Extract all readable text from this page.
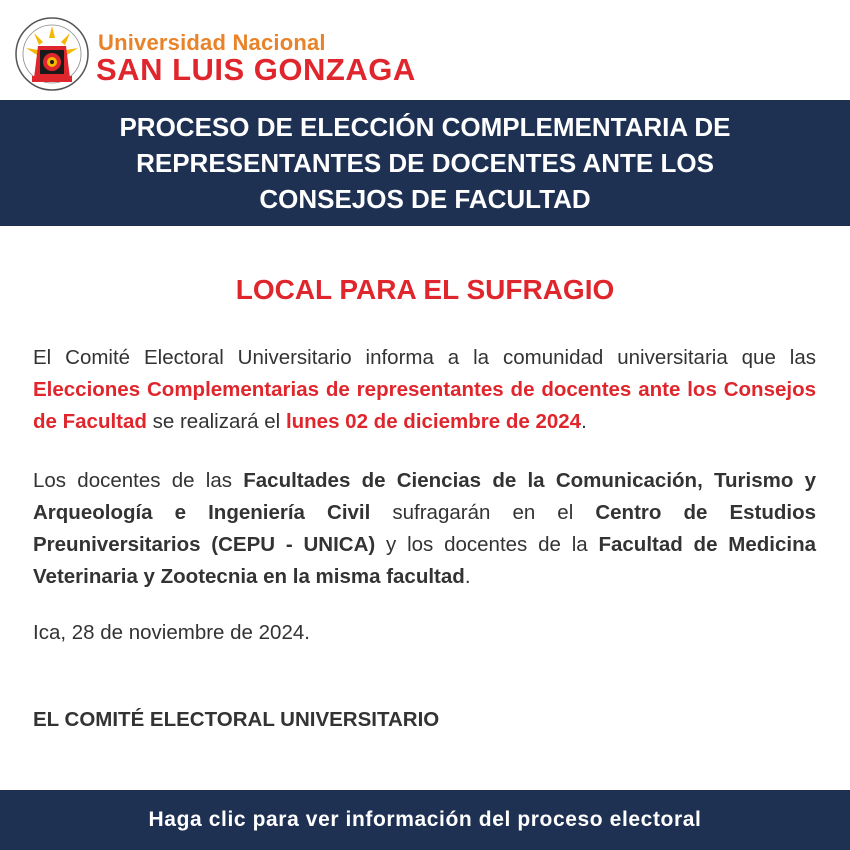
Universidad Nacional
SAN LUIS GONZAGA
PROCESO DE ELECCIÓN COMPLEMENTARIA DE
REPRESENTANTES DE DOCENTES ANTE LOS
CONSEJOS DE FACULTAD
LOCAL PARA EL SUFRAGIO
El Comité Electoral Universitario informa a la comunidad universitaria que las Elecciones Complementarias de representantes de docentes ante los Consejos de Facultad se realizará el lunes 02 de diciembre de 2024.
Los docentes de las Facultades de Ciencias de la Comunicación, Turismo y Arqueología e Ingeniería Civil sufragarán en el Centro de Estudios Preuniversitarios (CEPU - UNICA) y los docentes de la Facultad de Medicina Veterinaria y Zootecnia en la misma facultad.
Ica, 28 de noviembre de 2024.
EL COMITÉ ELECTORAL UNIVERSITARIO
Haga clic para ver información del proceso electoral
